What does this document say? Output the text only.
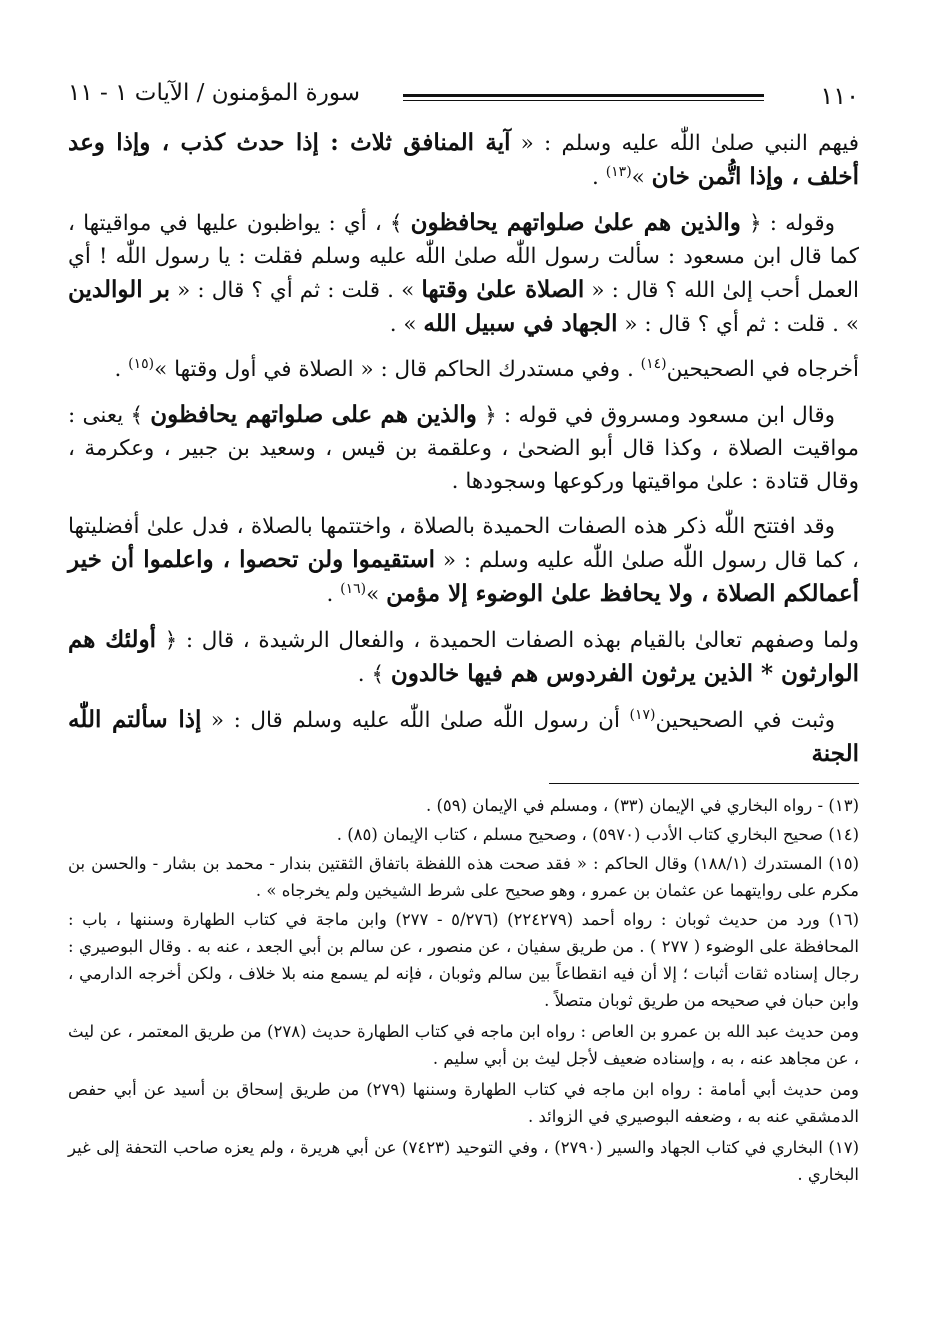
١١٠
سورة المؤمنون / الآيات ١ - ١١

فيهم النبي صلىٰ اللّٰه عليه وسلم : « آية المنافق ثلاث : إذا حدث كذب ، وإذا وعد أخلف ، وإذا اتُّمن خان »$^{(١٣)}$ .

وقوله : ﴿ والذين هم علىٰ صلواتهم يحافظون ﴾ ، أي : يواظبون عليها في مواقيتها ، كما قال ابن مسعود : سألت رسول اللّٰه صلىٰ اللّٰه عليه وسلم فقلت : يا رسول اللّٰه ! أي العمل أحب إلىٰ الله ؟ قال : « الصلاة علىٰ وقتها » . قلت : ثم أي ؟ قال : « بر الوالدين » . قلت : ثم أي ؟ قال : « الجهاد في سبيل الله » .

أخرجاه في الصحيحين$^{(١٤)}$ . وفي مستدرك الحاكم قال : « الصلاة في أول وقتها »$^{(١٥)}$ .

وقال ابن مسعود ومسروق في قوله : ﴿ والذين هم على صلواتهم يحافظون ﴾ يعنى : مواقيت الصلاة ، وكذا قال أبو الضحىٰ ، وعلقمة بن قيس ، وسعيد بن جبير ، وعكرمة ، وقال قتادة : علىٰ مواقيتها وركوعها وسجودها .

وقد افتتح اللّٰه ذكر هذه الصفات الحميدة بالصلاة ، واختتمها بالصلاة ، فدل علىٰ أفضليتها ، كما قال رسول اللّٰه صلىٰ اللّٰه عليه وسلم : « استقيموا ولن تحصوا ، واعلموا أن خير أعمالكم الصلاة ، ولا يحافظ علىٰ الوضوء إلا مؤمن »$^{(١٦)}$ .

ولما وصفهم تعالىٰ بالقيام بهذه الصفات الحميدة ، والفعال الرشيدة ، قال : ﴿ أولئك هم الوارثون * الذين يرثون الفردوس هم فيها خالدون ﴾ .

وثبت في الصحيحين$^{(١٧)}$ أن رسول اللّٰه صلىٰ اللّٰه عليه وسلم قال : « إذا سألتم اللّٰه الجنة

(١٣) - رواه البخاري في الإيمان (٣٣) ، ومسلم في الإيمان (٥٩) .

(١٤) صحيح البخاري كتاب الأدب (٥٩٧٠) ، وصحيح مسلم ، كتاب الإيمان (٨٥) .

(١٥) المستدرك (١٨٨/١) وقال الحاكم : « فقد صحت هذه اللفظة باتفاق الثقتين بندار - محمد بن بشار - والحسن بن مكرم على روايتهما عن عثمان بن عمرو ، وهو صحيح على شرط الشيخين ولم يخرجاه » .

(١٦) ورد من حديث ثوبان : رواه أحمد (٢٢٤٢٧٩) (٥/٢٧٦ - ٢٧٧) وابن ماجة في كتاب الطهارة وسننها ، باب : المحافظة على الوضوء ( ٢٧٧ ) . من طريق سفيان ، عن منصور ، عن سالم بن أبي الجعد ، عنه به . وقال البوصيري : رجال إسناده ثقات أثبات ؛ إلا أن فيه انقطاعاً بين سالم وثوبان ، فإنه لم يسمع منه بلا خلاف ، ولكن أخرجه الدارمي ، وابن حبان في صحيحه من طريق ثوبان متصلاً .

ومن حديث عبد الله بن عمرو بن العاص : رواه ابن ماجه في كتاب الطهارة حديث (٢٧٨) من طريق المعتمر ، عن ليث ، عن مجاهد عنه ، به ، وإسناده ضعيف لأجل ليث بن أبي سليم .

ومن حديث أبي أمامة : رواه ابن ماجه في كتاب الطهارة وسننها (٢٧٩) من طريق إسحاق بن أسيد عن أبي حفص الدمشقي عنه به ، وضعفه البوصيري في الزوائد .

(١٧) البخاري في كتاب الجهاد والسير (٢٧٩٠) ، وفي التوحيد (٧٤٢٣) عن أبي هريرة ، ولم يعزه صاحب التحفة إلى غير البخاري .
